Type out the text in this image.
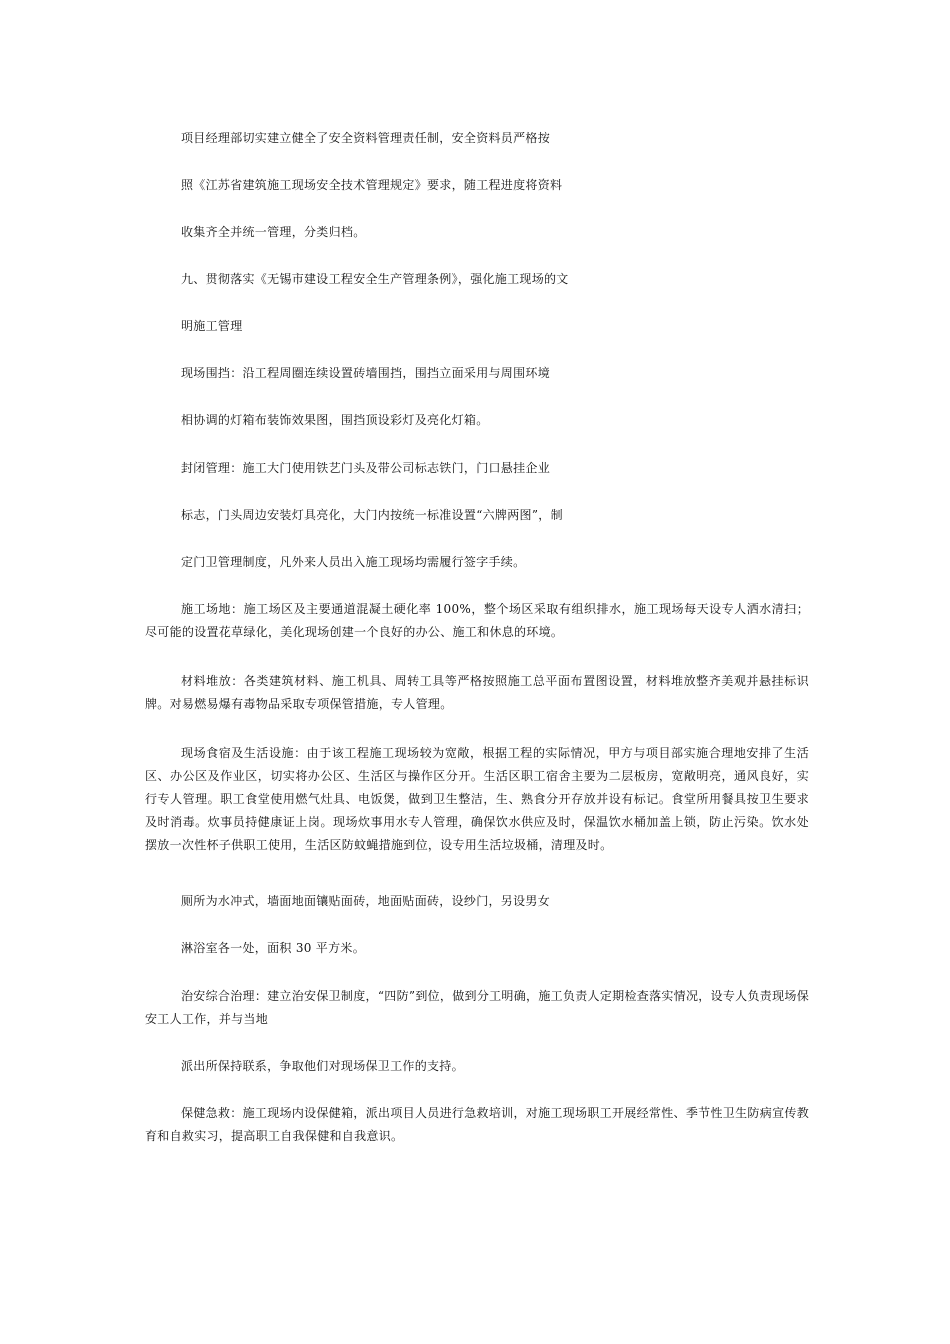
项目经理部切实建立健全了安全资料管理责任制，安全资料员严格按
照《江苏省建筑施工现场安全技术管理规定》要求，随工程进度将资料
收集齐全并统一管理，分类归档。
九、贯彻落实《无锡市建设工程安全生产管理条例》，强化施工现场的文
明施工管理
现场围挡：沿工程周圈连续设置砖墙围挡，围挡立面采用与周围环境
相协调的灯箱布装饰效果图，围挡顶设彩灯及亮化灯箱。
封闭管理：施工大门使用铁艺门头及带公司标志铁门，门口悬挂企业
标志，门头周边安装灯具亮化，大门内按统一标准设置“六牌两图”，制
定门卫管理制度，凡外来人员出入施工现场均需履行签字手续。
施工场地：施工场区及主要通道混凝土硬化率 100%，整个场区采取有组织排水，施工现场每天设专人洒水清扫；尽可能的设置花草绿化，美化现场创建一个良好的办公、施工和休息的环境。
材料堆放：各类建筑材料、施工机具、周转工具等严格按照施工总平面布置图设置，材料堆放整齐美观并悬挂标识牌。对易燃易爆有毒物品采取专项保管措施，专人管理。
现场食宿及生活设施：由于该工程施工现场较为宽敞，根据工程的实际情况，甲方与项目部实施合理地安排了生活区、办公区及作业区，切实将办公区、生活区与操作区分开。生活区职工宿舍主要为二层板房，宽敞明亮，通风良好，实行专人管理。职工食堂使用燃气灶具、电饭煲，做到卫生整洁，生、熟食分开存放并设有标记。食堂所用餐具按卫生要求及时消毒。炊事员持健康证上岗。现场炊事用水专人管理，确保饮水供应及时，保温饮水桶加盖上锁，防止污染。饮水处摆放一次性杯子供职工使用，生活区防蚊蝇措施到位，设专用生活垃圾桶，清理及时。
厕所为水冲式，墙面地面镶贴面砖，地面贴面砖，设纱门，另设男女
淋浴室各一处，面积 30 平方米。
治安综合治理：建立治安保卫制度，“四防”到位，做到分工明确，施工负责人定期检查落实情况，设专人负责现场保安工人工作，并与当地
派出所保持联系，争取他们对现场保卫工作的支持。
保健急救：施工现场内设保健箱，派出项目人员进行急救培训，对施工现场职工开展经常性、季节性卫生防病宣传教育和自救实习，提高职工自我保健和自我意识。
